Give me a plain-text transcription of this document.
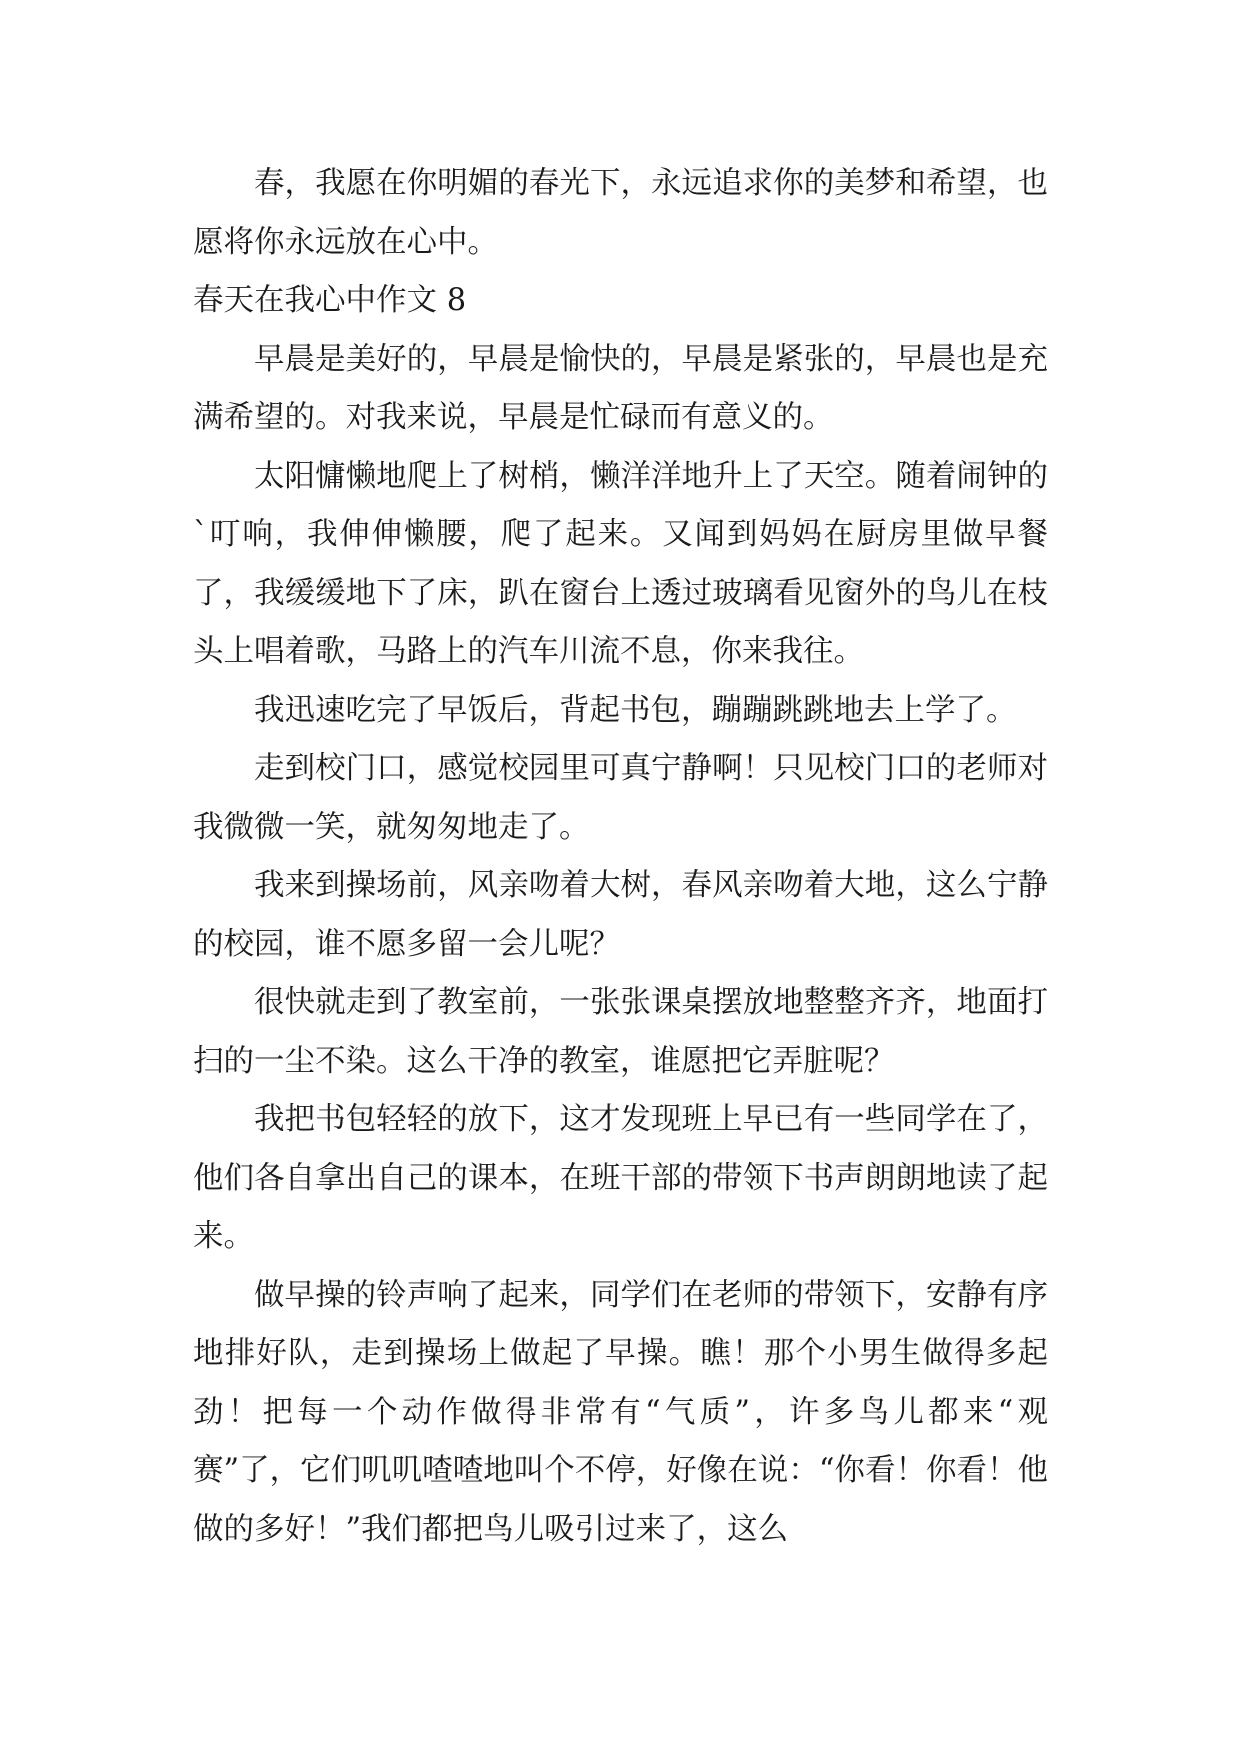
春，我愿在你明媚的春光下，永远追求你的美梦和希望，也愿将你永远放在心中。

春天在我心中作文 8

早晨是美好的，早晨是愉快的，早晨是紧张的，早晨也是充满希望的。对我来说，早晨是忙碌而有意义的。

太阳慵懒地爬上了树梢，懒洋洋地升上了天空。随着闹钟的`叮响，我伸伸懒腰，爬了起来。又闻到妈妈在厨房里做早餐了，我缓缓地下了床，趴在窗台上透过玻璃看见窗外的鸟儿在枝头上唱着歌，马路上的汽车川流不息，你来我往。

我迅速吃完了早饭后，背起书包，蹦蹦跳跳地去上学了。

走到校门口，感觉校园里可真宁静啊！只见校门口的老师对我微微一笑，就匆匆地走了。

我来到操场前，风亲吻着大树，春风亲吻着大地，这么宁静的校园，谁不愿多留一会儿呢？

很快就走到了教室前，一张张课桌摆放地整整齐齐，地面打扫的一尘不染。这么干净的教室，谁愿把它弄脏呢？

我把书包轻轻的放下，这才发现班上早已有一些同学在了，他们各自拿出自己的课本，在班干部的带领下书声朗朗地读了起来。

做早操的铃声响了起来，同学们在老师的带领下，安静有序地排好队，走到操场上做起了早操。瞧！那个小男生做得多起劲！把每一个动作做得非常有“气质”，许多鸟儿都来“观赛”了，它们叽叽喳喳地叫个不停，好像在说：“你看！你看！他做的多好！”我们都把鸟儿吸引过来了，这么
